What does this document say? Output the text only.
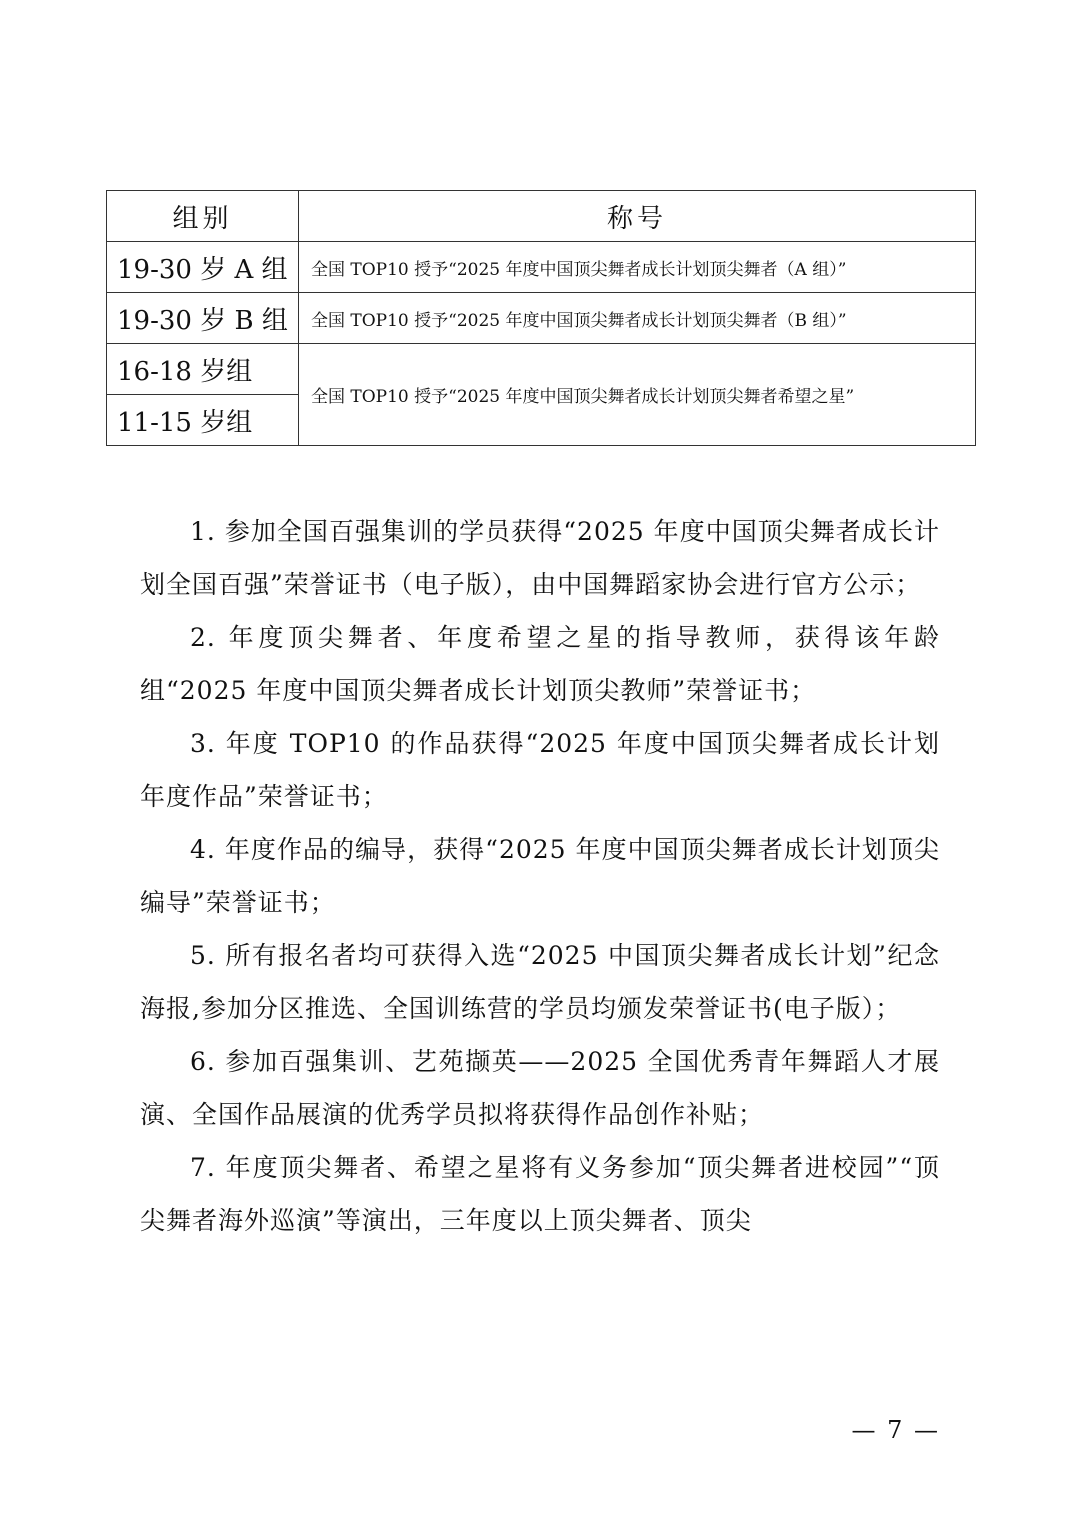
组别	称号
19-30 岁 A 组	全国 TOP10 授予“2025 年度中国顶尖舞者成长计划顶尖舞者（A 组）”
19-30 岁 B 组	全国 TOP10 授予“2025 年度中国顶尖舞者成长计划顶尖舞者（B 组）”
16-18 岁组	全国 TOP10 授予“2025 年度中国顶尖舞者成长计划顶尖舞者希望之星”
11-15 岁组	

1. 参加全国百强集训的学员获得“2025 年度中国顶尖舞者成长计划全国百强”荣誉证书（电子版），由中国舞蹈家协会进行官方公示；

2. 年度顶尖舞者、年度希望之星的指导教师，获得该年龄组“2025 年度中国顶尖舞者成长计划顶尖教师”荣誉证书；

3. 年度 TOP10 的作品获得“2025 年度中国顶尖舞者成长计划年度作品”荣誉证书；

4. 年度作品的编导，获得“2025 年度中国顶尖舞者成长计划顶尖编导”荣誉证书；

5. 所有报名者均可获得入选“2025 中国顶尖舞者成长计划”纪念海报,参加分区推选、全国训练营的学员均颁发荣誉证书(电子版）；

6. 参加百强集训、艺苑撷英——2025 全国优秀青年舞蹈人才展演、全国作品展演的优秀学员拟将获得作品创作补贴；

7. 年度顶尖舞者、希望之星将有义务参加“顶尖舞者进校园”“顶尖舞者海外巡演”等演出，三年度以上顶尖舞者、顶尖

— 7 —
